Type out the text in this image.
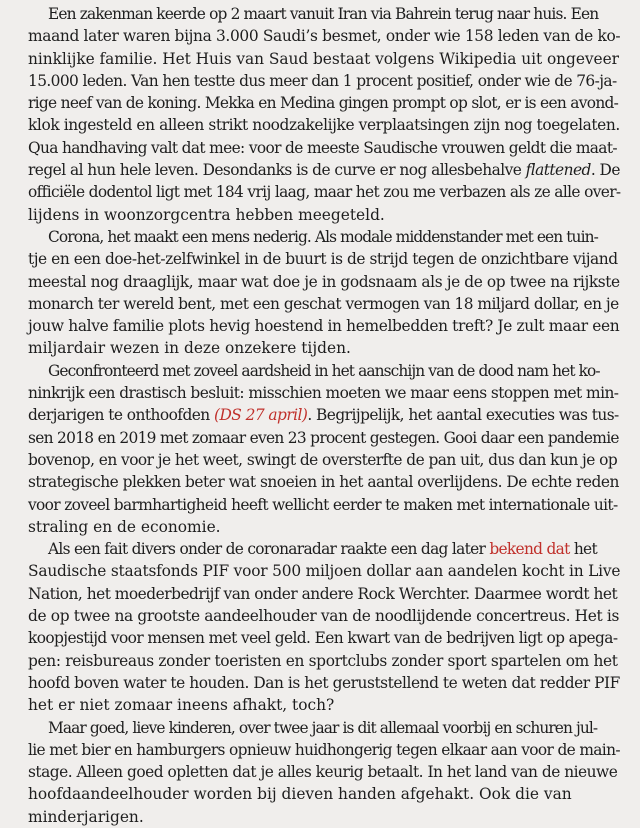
Een zakenman keerde op 2 maart vanuit Iran via Bahrein terug naar huis. Een
maand later waren bijna 3.000 Saudi’s besmet, onder wie 158 leden van de ko-
ninklijke familie. Het Huis van Saud bestaat volgens Wikipedia uit ongeveer
15.000 leden. Van hen testte dus meer dan 1 procent positief, onder wie de 76-ja-
rige neef van de koning. Mekka en Medina gingen prompt op slot, er is een avond-
klok ingesteld en alleen strikt noodzakelijke verplaatsingen zijn nog toegelaten.
Qua handhaving valt dat mee: voor de meeste Saudische vrouwen geldt die maat-
regel al hun hele leven. Desondanks is de curve er nog allesbehalve flattened. De
officiële dodentol ligt met 184 vrij laag, maar het zou me verbazen als ze alle over-
lijdens in woonzorgcentra hebben meegeteld.
Corona, het maakt een mens nederig. Als modale middenstander met een tuin-
tje en een doe-het-zelfwinkel in de buurt is de strijd tegen de onzichtbare vijand
meestal nog draaglijk, maar wat doe je in godsnaam als je de op twee na rijkste
monarch ter wereld bent, met een geschat vermogen van 18 miljard dollar, en je
jouw halve familie plots hevig hoestend in hemelbedden treft? Je zult maar een
miljardair wezen in deze onzekere tijden.
Geconfronteerd met zoveel aardsheid in het aanschijn van de dood nam het ko-
ninkrijk een drastisch besluit: misschien moeten we maar eens stoppen met min-
derjarigen te onthoofden (DS 27 april). Begrijpelijk, het aantal executies was tus-
sen 2018 en 2019 met zomaar even 23 procent gestegen. Gooi daar een pandemie
bovenop, en voor je het weet, swingt de oversterfte de pan uit, dus dan kun je op
strategische plekken beter wat snoeien in het aantal overlijdens. De echte reden
voor zoveel barmhartigheid heeft wellicht eerder te maken met internationale uit-
straling en de economie.
Als een fait divers onder de coronaradar raakte een dag later bekend dat het
Saudische staatsfonds PIF voor 500 miljoen dollar aan aandelen kocht in Live
Nation, het moederbedrijf van onder andere Rock Werchter. Daarmee wordt het
de op twee na grootste aandeelhouder van de noodlijdende concertreus. Het is
koopjestijd voor mensen met veel geld. Een kwart van de bedrijven ligt op apega-
pen: reisbureaus zonder toeristen en sportclubs zonder sport spartelen om het
hoofd boven water te houden. Dan is het geruststellend te weten dat redder PIF
het er niet zomaar ineens afhakt, toch?
Maar goed, lieve kinderen, over twee jaar is dit allemaal voorbij en schuren jul-
lie met bier en hamburgers opnieuw huidhongerig tegen elkaar aan voor de main-
stage. Alleen goed opletten dat je alles keurig betaalt. In het land van de nieuwe
hoofdaandeelhouder worden bij dieven handen afgehakt. Ook die van
minderjarigen.
